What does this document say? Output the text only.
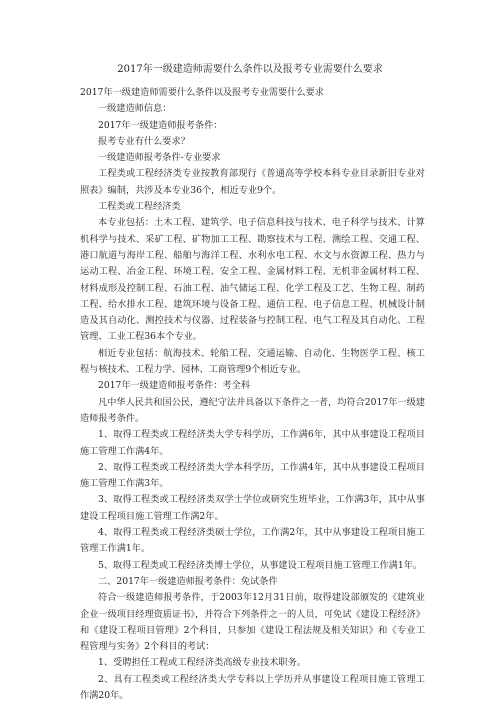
2017年一级建造师需要什么条件以及报考专业需要什么要求

2017年一级建造师需要什么条件以及报考专业需要什么要求

一级建造师信息：

2017年一级建造师报考条件：

报考专业有什么要求？

一级建造师报考条件-专业要求

工程类或工程经济类专业按教育部现行《普通高等学校本科专业目录新旧专业对照表》编制，共涉及本专业36个，相近专业9个。

工程类或工程经济类

本专业包括：土木工程、建筑学、电子信息科技与技术、电子科学与技术、计算机科学与技术、采矿工程、矿物加工工程、勘察技术与工程、测绘工程、交通工程、港口航道与海岸工程、船舶与海洋工程、水利水电工程、水文与水资源工程、热力与运动工程、冶金工程、环境工程、安全工程、金属材料工程、无机非金属材料工程、材料成形及控制工程、石油工程、油气储运工程、化学工程及工艺、生物工程、制药工程、给水排水工程、建筑环境与设备工程、通信工程、电子信息工程、机械设计制造及其自动化、测控技术与仪器、过程装备与控制工程、电气工程及其自动化、工程管理、工业工程36本个专业。

相近专业包括：航海技术、轮船工程、交通运输、自动化、生物医学工程、核工程与核技术、工程力学、园林、工商管理9个相近专业。

2017年一级建造师报考条件：考全科

凡中华人民共和国公民，遵纪守法并具备以下条件之一者，均符合2017年一级建造师报考条件。

1、取得工程类或工程经济类大学专科学历，工作满6年，其中从事建设工程项目施工管理工作满4年。

2、取得工程类或工程经济类大学本科学历，工作满4年，其中从事建设工程项目施工管理工作满3年。

3、取得工程类或工程经济类双学士学位或研究生班毕业，工作满3年，其中从事建设工程项目施工管理工作满2年。

4、取得工程类或工程经济类硕士学位，工作满2年，其中从事建设工程项目施工管理工作满1年。

5、取得工程类或工程经济类博士学位，从事建设工程项目施工管理工作满1年。

二、2017年一级建造师报考条件：免试条件

符合一级建造师报考条件，于2003年12月31日前，取得建设部颁发的《建筑业企业一级项目经理资质证书》，并符合下列条件之一的人员，可免试《建设工程经济》和《建设工程项目管理》2个科目，只参加《建设工程法规及相关知识》和《专业工程管理与实务》2个科目的考试：

1、受聘担任工程或工程经济类高级专业技术职务。

2、具有工程类或工程经济类大学专科以上学历并从事建设工程项目施工管理工作满20年。
